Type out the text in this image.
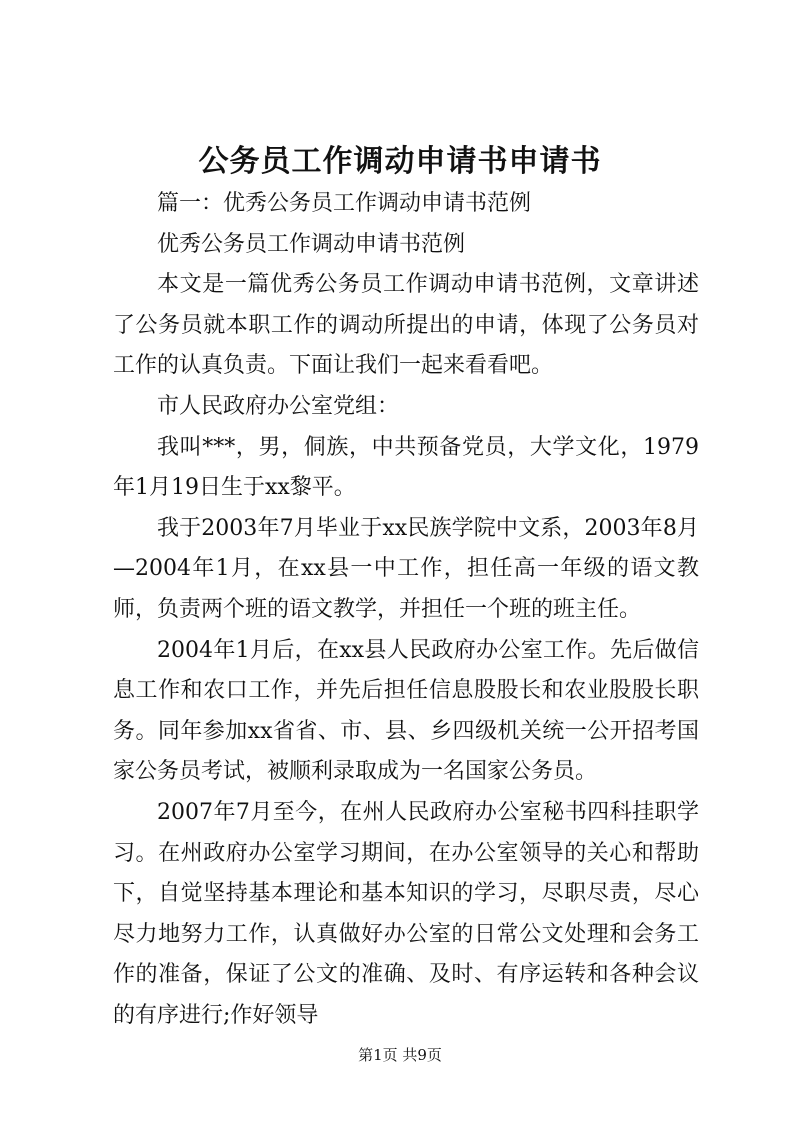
公务员工作调动申请书申请书

篇一：优秀公务员工作调动申请书范例

优秀公务员工作调动申请书范例

本文是一篇优秀公务员工作调动申请书范例，文章讲述了公务员就本职工作的调动所提出的申请，体现了公务员对工作的认真负责。下面让我们一起来看看吧。

市人民政府办公室党组：

我叫***，男，侗族，中共预备党员，大学文化，1979年1月19日生于xx黎平。

我于2003年7月毕业于xx民族学院中文系，2003年8月—2004年1月，在xx县一中工作，担任高一年级的语文教师，负责两个班的语文教学，并担任一个班的班主任。

2004年1月后，在xx县人民政府办公室工作。先后做信息工作和农口工作，并先后担任信息股股长和农业股股长职务。同年参加xx省省、市、县、乡四级机关统一公开招考国家公务员考试，被顺利录取成为一名国家公务员。

2007年7月至今，在州人民政府办公室秘书四科挂职学习。在州政府办公室学习期间，在办公室领导的关心和帮助下，自觉坚持基本理论和基本知识的学习，尽职尽责，尽心尽力地努力工作，认真做好办公室的日常公文处理和会务工作的准备，保证了公文的准确、及时、有序运转和各种会议的有序进行;作好领导

第1页 共9页
